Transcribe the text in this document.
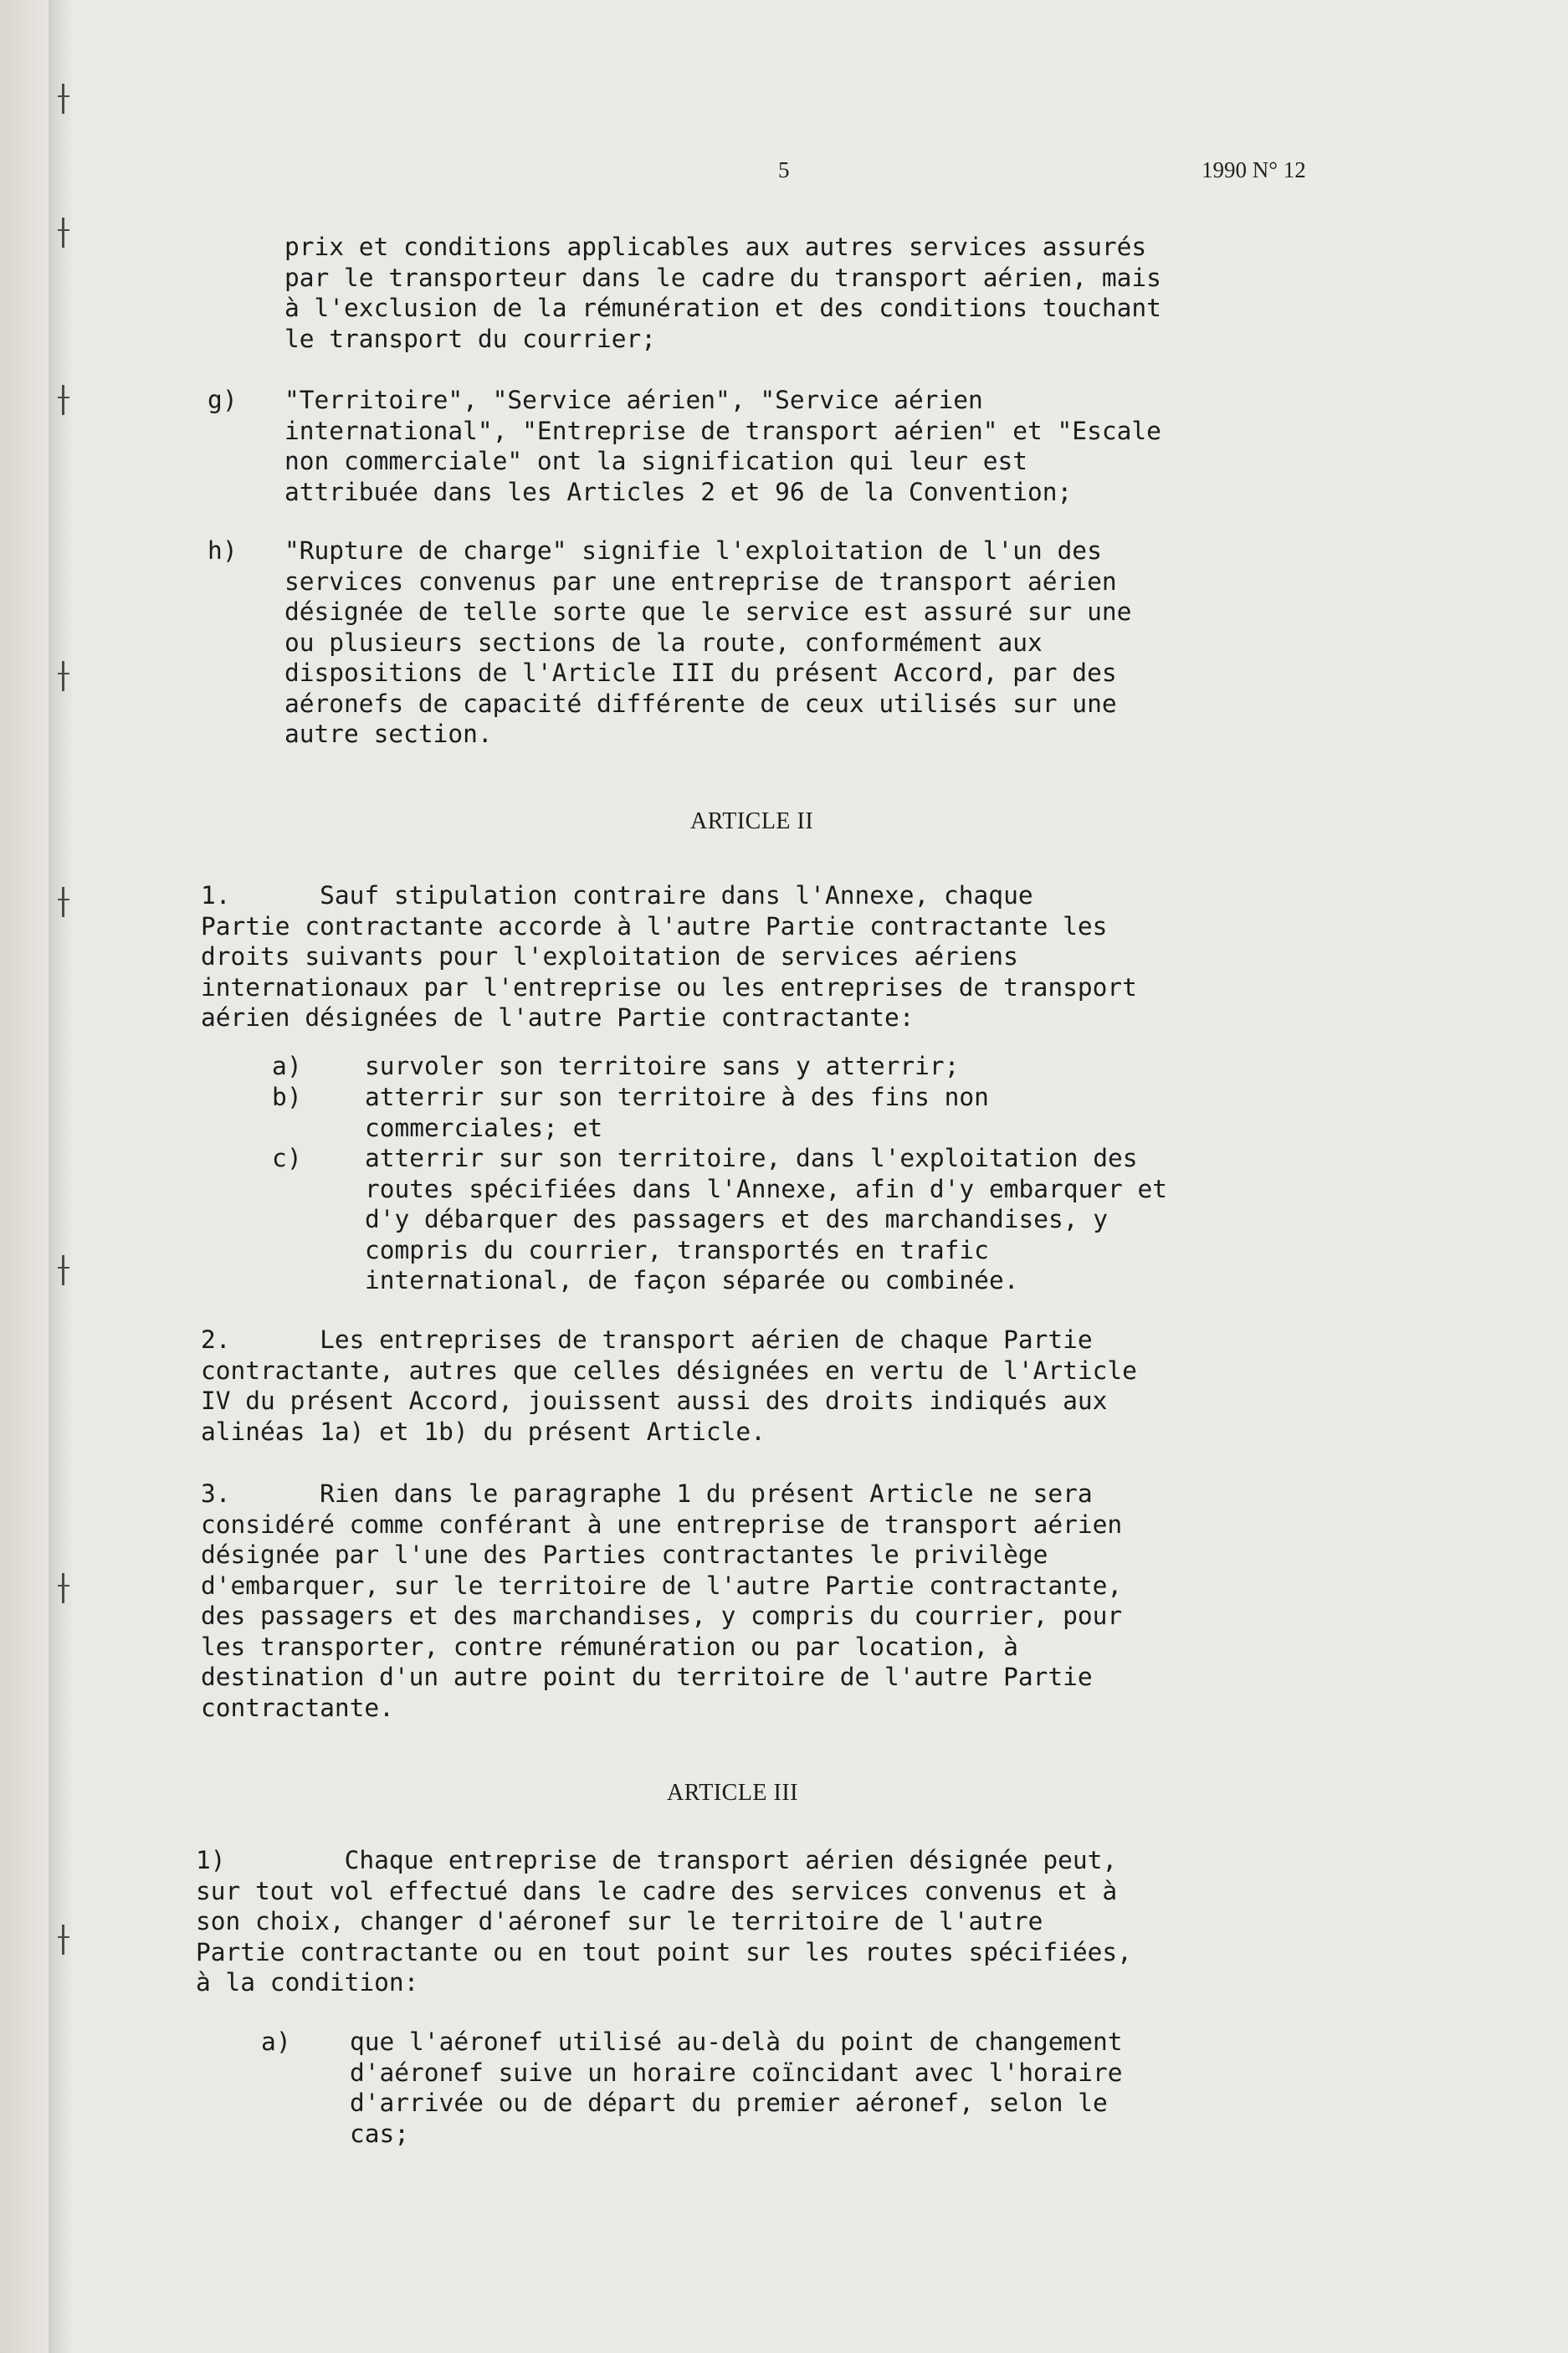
5	1990 N° 12
prix et conditions applicables aux autres services assurés
par le transporteur dans le cadre du transport aérien, mais
à l'exclusion de la rémunération et des conditions touchant
le transport du courrier;
g) "Territoire", "Service aérien", "Service aérien
international", "Entreprise de transport aérien" et "Escale
non commerciale" ont la signification qui leur est
attribuée dans les Articles 2 et 96 de la Convention;
h) "Rupture de charge" signifie l'exploitation de l'un des
services convenus par une entreprise de transport aérien
désignée de telle sorte que le service est assuré sur une
ou plusieurs sections de la route, conformément aux
dispositions de l'Article III du présent Accord, par des
aéronefs de capacité différente de ceux utilisés sur une
autre section.
ARTICLE II
1.      Sauf stipulation contraire dans l'Annexe, chaque
Partie contractante accorde à l'autre Partie contractante les
droits suivants pour l'exploitation de services aériens
internationaux par l'entreprise ou les entreprises de transport
aérien désignées de l'autre Partie contractante:
a)	survoler son territoire sans y atterrir;
b)	atterrir sur son territoire à des fins non
commerciales; et
c)	atterrir sur son territoire, dans l'exploitation des
routes spécifiées dans l'Annexe, afin d'y embarquer et
d'y débarquer des passagers et des marchandises, y
compris du courrier, transportés en trafic
international, de façon séparée ou combinée.
2.      Les entreprises de transport aérien de chaque Partie
contractante, autres que celles désignées en vertu de l'Article
IV du présent Accord, jouissent aussi des droits indiqués aux
alinéas 1a) et 1b) du présent Article.
3.      Rien dans le paragraphe 1 du présent Article ne sera
considéré comme conférant à une entreprise de transport aérien
désignée par l'une des Parties contractantes le privilège
d'embarquer, sur le territoire de l'autre Partie contractante,
des passagers et des marchandises, y compris du courrier, pour
les transporter, contre rémunération ou par location, à
destination d'un autre point du territoire de l'autre Partie
contractante.
ARTICLE III
1)        Chaque entreprise de transport aérien désignée peut,
sur tout vol effectué dans le cadre des services convenus et à
son choix, changer d'aéronef sur le territoire de l'autre
Partie contractante ou en tout point sur les routes spécifiées,
à la condition:
a) que l'aéronef utilisé au-delà du point de changement
d'aéronef suive un horaire coïncidant avec l'horaire
d'arrivée ou de départ du premier aéronef, selon le
cas;
